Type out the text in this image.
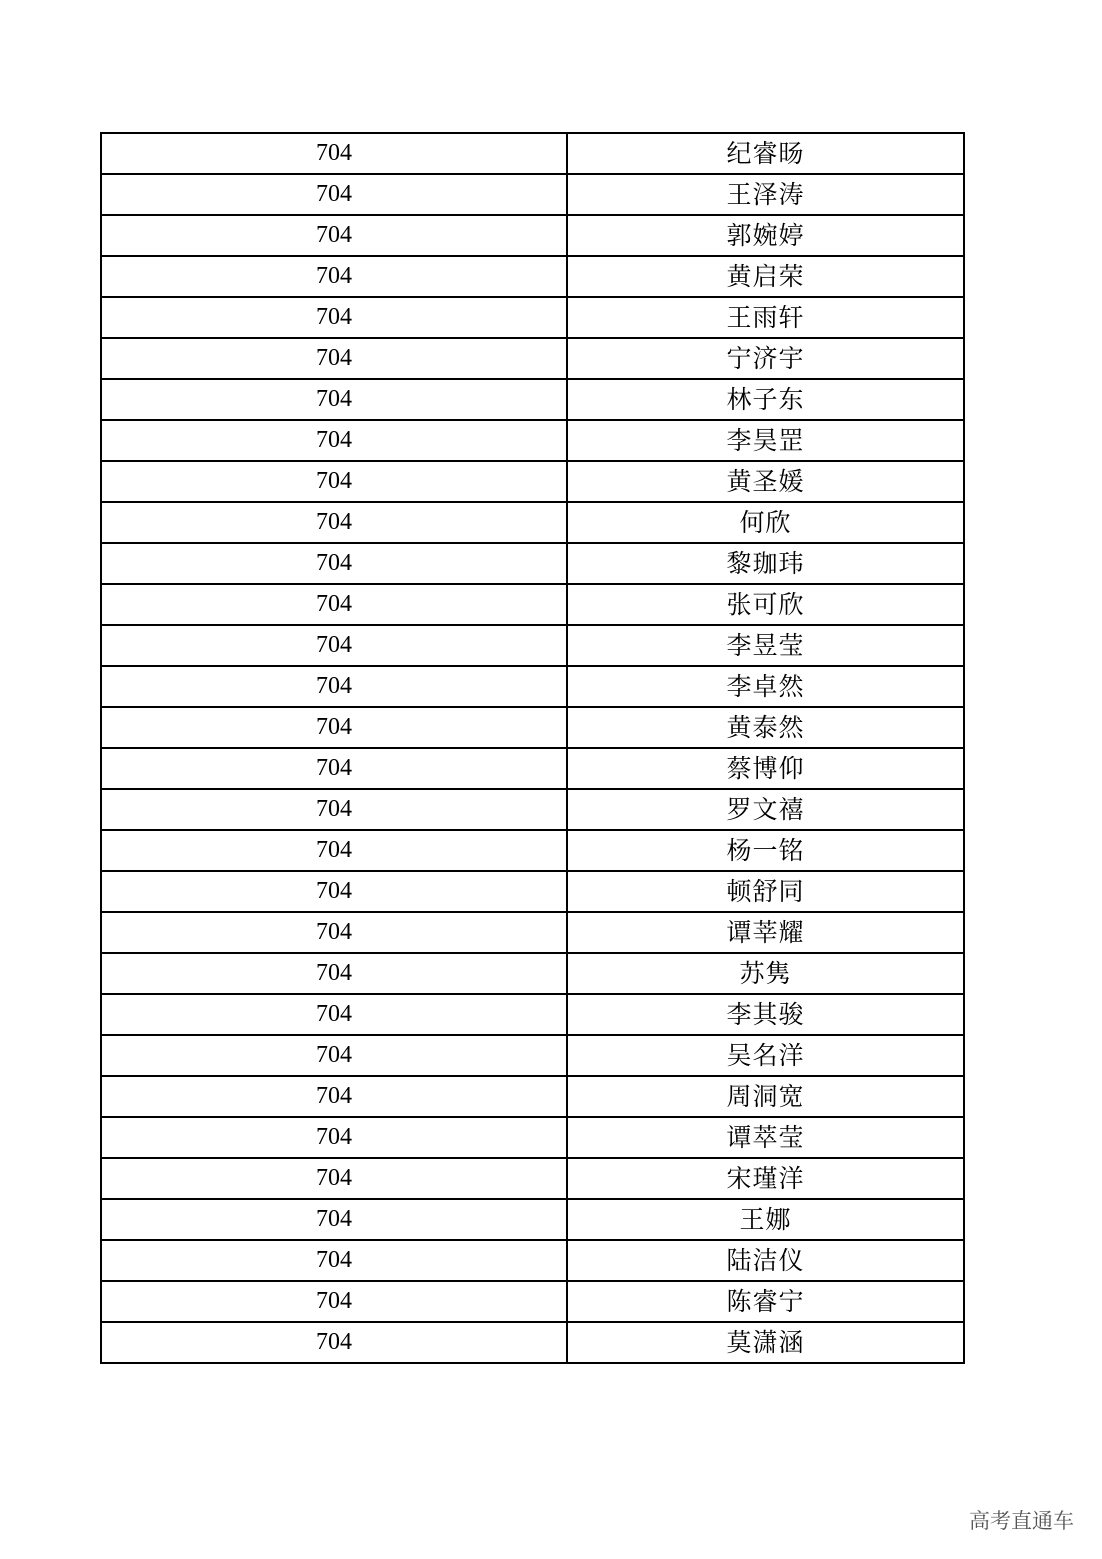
704	纪睿旸
704	王泽涛
704	郭婉婷
704	黄启荣
704	王雨轩
704	宁济宇
704	林子东
704	李昊罡
704	黄圣媛
704	何欣
704	黎珈玮
704	张可欣
704	李昱莹
704	李卓然
704	黄泰然
704	蔡博仰
704	罗文禧
704	杨一铭
704	顿舒同
704	谭莘耀
704	苏隽
704	李其骏
704	吴名洋
704	周洞宽
704	谭萃莹
704	宋瑾洋
704	王娜
704	陆洁仪
704	陈睿宁
704	莫潇涵
高考直通车
